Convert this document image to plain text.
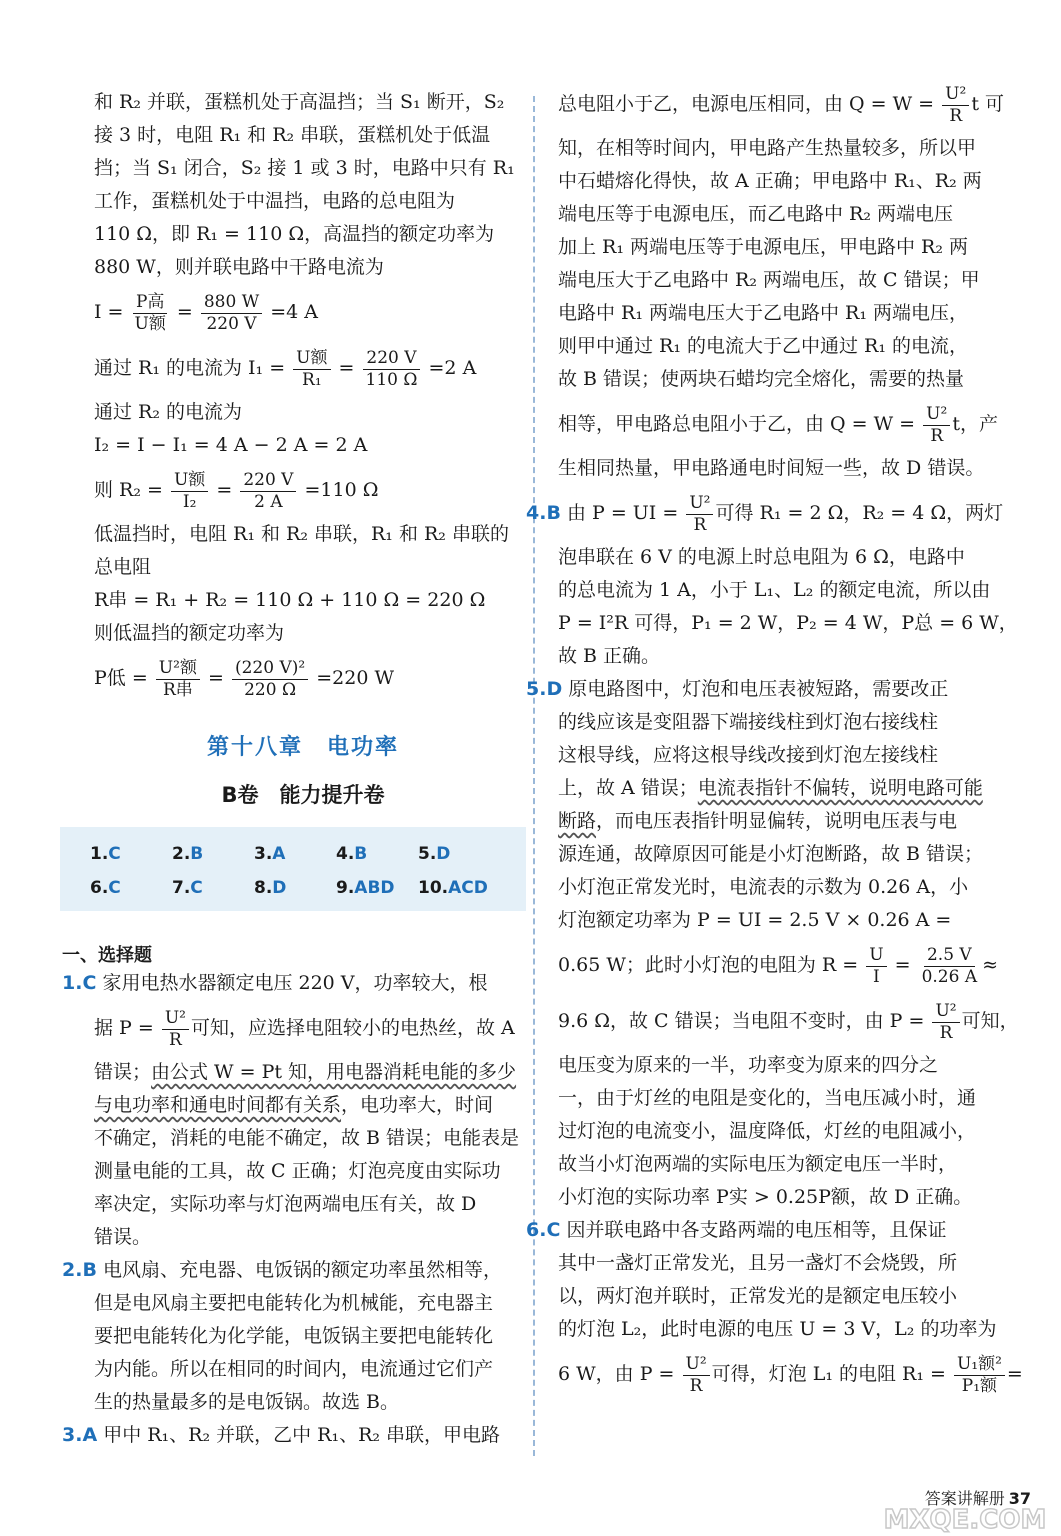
和 R₂ 并联，蛋糕机处于高温挡；当 S₁ 断开，S₂
接 3 时，电阻 R₁ 和 R₂ 串联，蛋糕机处于低温
挡；当 S₁ 闭合，S₂ 接 1 或 3 时，电路中只有 R₁
工作，蛋糕机处于中温挡，电路的总电阻为
110 Ω，即 R₁ = 110 Ω，高温挡的额定功率为
880 W，则并联电路中干路电流为
$I = \frac{\text{P高}}{\text{U额}} = \frac{880 W}{220 V} =4$ A
通过 R₁ 的电流为 $I_1 = \frac{\text{U额}}{\text{R₁}} = \frac{220 V}{110 \Omega} =2$ A
通过 R₂ 的电流为
I₂ = I − I₁ = 4 A − 2 A = 2 A
则 $R_2 = \frac{\text{U额}}{\text{I₂}} = \frac{220 V}{2 A} =110$ Ω
低温挡时，电阻 R₁ 和 R₂ 串联，R₁ 和 R₂ 串联的
总电阻
R串 = R₁ + R₂ = 110 Ω + 110 Ω = 220 Ω
则低温挡的额定功率为
P低 = $\frac{\text{U²额}}{\text{R串}} = \frac{\text{(220 V)²}}{220 \Omega} =220$ W
第十八章　电功率
B卷　能力提升卷
1.C	2.B	3.A	4.B	5.D
6.C	7.C	8.D	9.ABD	10.ACD
一、选择题
1.C 家用电热水器额定电压 220 V，功率较大，根
据 $P = \frac{\text{U²}}{R}$ 可知，应选择电阻较小的电热丝，故 A
错误；由公式 W = Pt 知，用电器消耗电能的多少
与电功率和通电时间都有关系，电功率大，时间
不确定，消耗的电能不确定，故 B 错误；电能表是
测量电能的工具，故 C 正确；灯泡亮度由实际功
率决定，实际功率与灯泡两端电压有关，故 D
错误。
2.B 电风扇、充电器、电饭锅的额定功率虽然相等，
但是电风扇主要把电能转化为机械能，充电器主
要把电能转化为化学能，电饭锅主要把电能转化
为内能。所以在相同的时间内，电流通过它们产
生的热量最多的是电饭锅。故选 B。
3.A 甲中 R₁、R₂ 并联，乙中 R₁、R₂ 串联，甲电路
总电阻小于乙，电源电压相同，由 $Q = W = \frac{\text{U²}}{R}$ t 可
知，在相等时间内，甲电路产生热量较多，所以甲
中石蜡熔化得快，故 A 正确；甲电路中 R₁、R₂ 两
端电压等于电源电压，而乙电路中 R₂ 两端电压
加上 R₁ 两端电压等于电源电压，甲电路中 R₂ 两
端电压大于乙电路中 R₂ 两端电压，故 C 错误；甲
电路中 R₁ 两端电压大于乙电路中 R₁ 两端电压，
则甲中通过 R₁ 的电流大于乙中通过 R₁ 的电流，
故 B 错误；使两块石蜡均完全熔化，需要的热量
相等，甲电路总电阻小于乙，由 $Q = W = \frac{\text{U²}}{R}$ t，产
生相同热量，甲电路通电时间短一些，故 D 错误。
4.B 由 P = UI = $\frac{\text{U²}}{R}$ 可得 R₁ = 2 Ω，R₂ = 4 Ω，两灯
泡串联在 6 V 的电源上时总电阻为 6 Ω，电路中
的总电流为 1 A，小于 L₁、L₂ 的额定电流，所以由
P = I²R 可得，P₁ = 2 W，P₂ = 4 W，P总 = 6 W，
故 B 正确。
5.D 原电路图中，灯泡和电压表被短路，需要改正
的线应该是变阻器下端接线柱到灯泡右接线柱
这根导线，应将这根导线改接到灯泡左接线柱
上，故 A 错误；电流表指针不偏转，说明电路可能
断路，而电压表指针明显偏转，说明电压表与电
源连通，故障原因可能是小灯泡断路，故 B 错误；
小灯泡正常发光时，电流表的示数为 0.26 A，小
灯泡额定功率为 P = UI = 2.5 V × 0.26 A =
0.65 W；此时小灯泡的电阻为 $R = \frac{U}{I} = \frac{2.5 V}{0.26 A}$ ≈
9.6 Ω，故 C 错误；当电阻不变时，由 $P = \frac{\text{U²}}{R}$ 可知，
电压变为原来的一半，功率变为原来的四分之
一，由于灯丝的电阻是变化的，当电压减小时，通
过灯泡的电流变小，温度降低，灯丝的电阻减小，
故当小灯泡两端的实际电压为额定电压一半时，
小灯泡的实际功率 P实 > 0.25P额，故 D 正确。
6.C 因并联电路中各支路两端的电压相等，且保证
其中一盏灯正常发光，且另一盏灯不会烧毁，所
以，两灯泡并联时，正常发光的是额定电压较小
的灯泡 L₂，此时电源的电压 U = 3 V，L₂ 的功率为
6 W，由 $P = \frac{\text{U²}}{R}$ 可得，灯泡 L₁ 的电阻 $R_1 = \frac{\text{U₁额²}}{\text{P₁额}}$ =
答案讲解册 37
MXQE.COM
